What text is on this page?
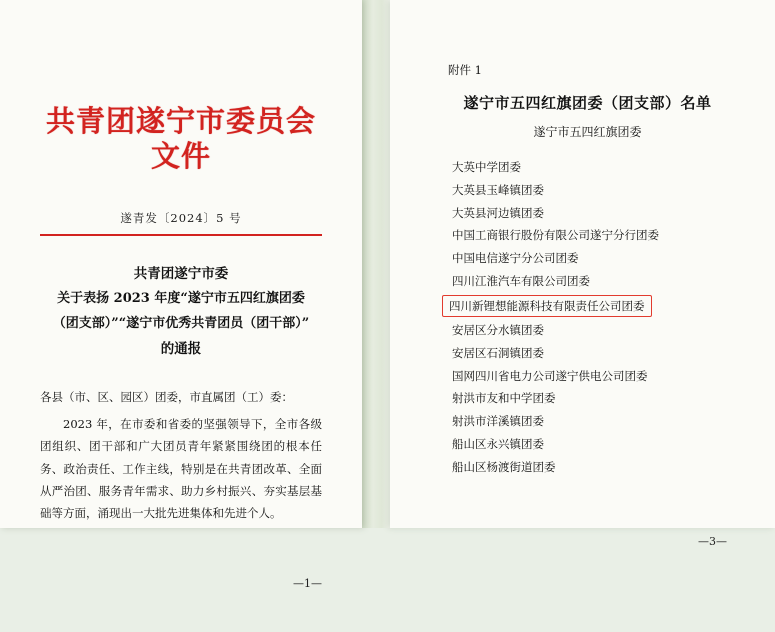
共青团遂宁市委员会文件
遂青发〔2024〕5 号
共青团遂宁市委
关于表扬 2023 年度“遂宁市五四红旗团委
（团支部）”“遂宁市优秀共青团员（团干部）”
的通报
各县（市、区、园区）团委，市直属团（工）委：
2023 年，在市委和省委的坚强领导下，全市各级团组织、团干部和广大团员青年紧紧围绕团的根本任务、政治责任、工作主线，特别是在共青团改革、全面从严治团、服务青年需求、助力乡村振兴、夯实基层基础等方面，涌现出一大批先进集体和先进个人。
—1—
附件 1
遂宁市五四红旗团委（团支部）名单
遂宁市五四红旗团委
大英中学团委
大英县玉峰镇团委
大英县河边镇团委
中国工商银行股份有限公司遂宁分行团委
中国电信遂宁分公司团委
四川江淮汽车有限公司团委
四川新锂想能源科技有限责任公司团委
安居区分水镇团委
安居区石洞镇团委
国网四川省电力公司遂宁供电公司团委
射洪市友和中学团委
射洪市洋溪镇团委
船山区永兴镇团委
船山区杨渡街道团委
—3—
